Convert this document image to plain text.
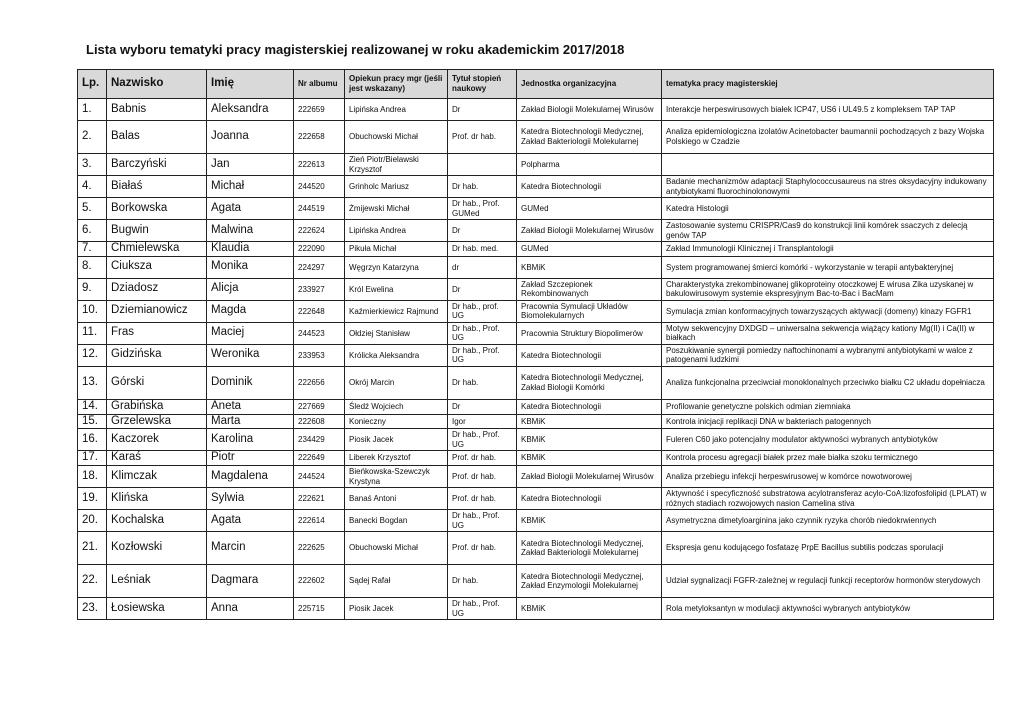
Lista wyboru tematyki pracy magisterskiej realizowanej w roku akademickim 2017/2018
Lp.	Nazwisko	Imię	Nr albumu	Opiekun pracy mgr (jeśli jest wskazany)	Tytuł stopień naukowy	Jednostka organizacyjna	tematyka pracy magisterskiej
1.	Babnis	Aleksandra	222659	Lipińska Andrea	Dr	Zakład Biologii Molekularnej Wirusów	Interakcje herpeswirusowych białek ICP47, US6 i UL49.5 z kompleksem TAP TAP
2.	Balas	Joanna	222658	Obuchowski Michał	Prof. dr hab.	Katedra Biotechnologii Medycznej, Zakład Bakteriologii Molekularnej	Analiza epidemiologiczna izolatów Acinetobacter baumannii pochodzących z bazy Wojska Polskiego w Czadzie
3.	Barczyński	Jan	222613	Zień Piotr/Bielawski Krzysztof		Polpharma	
4.	Białaś	Michał	244520	Grinholc Mariusz	Dr hab.	Katedra Biotechnologii	Badanie mechanizmów adaptacji Staphylococcusaureus na stres oksydacyjny indukowany antybiotykami fluorochinolonowymi
5.	Borkowska	Agata	244519	Żmijewski Michał	Dr hab., Prof. GUMed	GUMed	Katedra Histologii
6.	Bugwin	Malwina	222624	Lipińska Andrea	Dr	Zakład Biologii Molekularnej Wirusów	Zastosowanie systemu CRISPR/Cas9 do konstrukcji linii komórek ssaczych z delecją genów TAP
7.	Chmielewska	Klaudia	222090	Pikuła Michał	Dr hab. med.	GUMed	Zakład Immunologii Klinicznej i Transplantologii
8.	Ciuksza	Monika	224297	Węgrzyn Katarzyna	dr	KBMiK	System programowanej śmierci komórki - wykorzystanie w terapii antybakteryjnej
9.	Dziadosz	Alicja	233927	Król Ewelina	Dr	Zakład Szczepionek Rekombinowanych	Charakterystyka zrekombinowanej glikoproteiny otoczkowej E wirusa Zika uzyskanej w bakulowirusowym systemie ekspresyjnym Bac-to-Bac i BacMam
10.	Dziemianowicz	Magda	222648	Kaźmierkiewicz Rajmund	Dr hab., prof. UG	Pracownia Symulacji Układów Biomolekularnych	Symulacja zmian konformacyjnych towarzyszących aktywacji (domeny) kinazy FGFR1
11.	Fras	Maciej	244523	Ołdziej Stanisław	Dr hab., Prof. UG	Pracownia Struktury Biopolimerów	Motyw sekwencyjny DXDGD – uniwersalna sekwencja wiążący kationy Mg(II) i Ca(II) w białkach
12.	Gidzińska	Weronika	233953	Królicka Aleksandra	Dr hab., Prof. UG	Katedra Biotechnologii	Poszukiwanie synergii pomiedzy naftochinonami a wybranymi antybiotykami w walce z patogenami ludzkimi
13.	Górski	Dominik	222656	Okrój Marcin	Dr hab.	Katedra Biotechnologii Medycznej, Zakład Biologii Komórki	Analiza funkcjonalna przeciwciał monoklonalnych przeciwko białku C2 układu dopełniacza
14.	Grabińska	Aneta	227669	Śledź Wojciech	Dr	Katedra Biotechnologii	Profilowanie genetyczne polskich odmian ziemniaka
15.	Grzelewska	Marta	222608	Konieczny	Igor	KBMiK	Kontrola inicjacji replikacji DNA w bakteriach patogennych
16.	Kaczorek	Karolina	234429	Piosik Jacek	Dr hab., Prof. UG	KBMiK	Fuleren C60 jako potencjalny modulator aktywności wybranych antybiotyków
17.	Karaś	Piotr	222649	Liberek Krzysztof	Prof. dr hab.	KBMiK	Kontrola procesu agregacji białek przez małe białka szoku termicznego
18.	Klimczak	Magdalena	244524	Bieńkowska-Szewczyk Krystyna	Prof. dr hab.	Zakład Biologii Molekularnej Wirusów	Analiza przebiegu infekcji herpeswirusowej w komórce nowotworowej
19.	Klińska	Sylwia	222621	Banaś Antoni	Prof. dr hab.	Katedra Biotechnologii	Aktywność i specyficzność substratowa acylotransferaz acylo-CoA:lizofosfolipid (LPLAT) w różnych stadiach rozwojowych nasion Camelina stiva
20.	Kochalska	Agata	222614	Banecki Bogdan	Dr hab., Prof. UG	KBMiK	Asymetryczna dimetyloarginina jako czynnik ryzyka chorób niedokrwiennych
21.	Kozłowski	Marcin	222625	Obuchowski Michał	Prof. dr hab.	Katedra Biotechnologii Medycznej, Zakład Bakteriologii Molekularnej	Ekspresja genu kodującego fosfatazę PrpE Bacillus subtilis podczas sporulacji
22.	Leśniak	Dagmara	222602	Sądej Rafał	Dr hab.	Katedra Biotechnologii Medycznej, Zakład Enzymologii Molekularnej	Udział sygnalizacji FGFR-zależnej w regulacji funkcji receptorów hormonów sterydowych
23.	Łosiewska	Anna	225715	Piosik Jacek	Dr hab., Prof. UG	KBMiK	Rola metyloksantyn w modulacji aktywności wybranych antybiotyków
